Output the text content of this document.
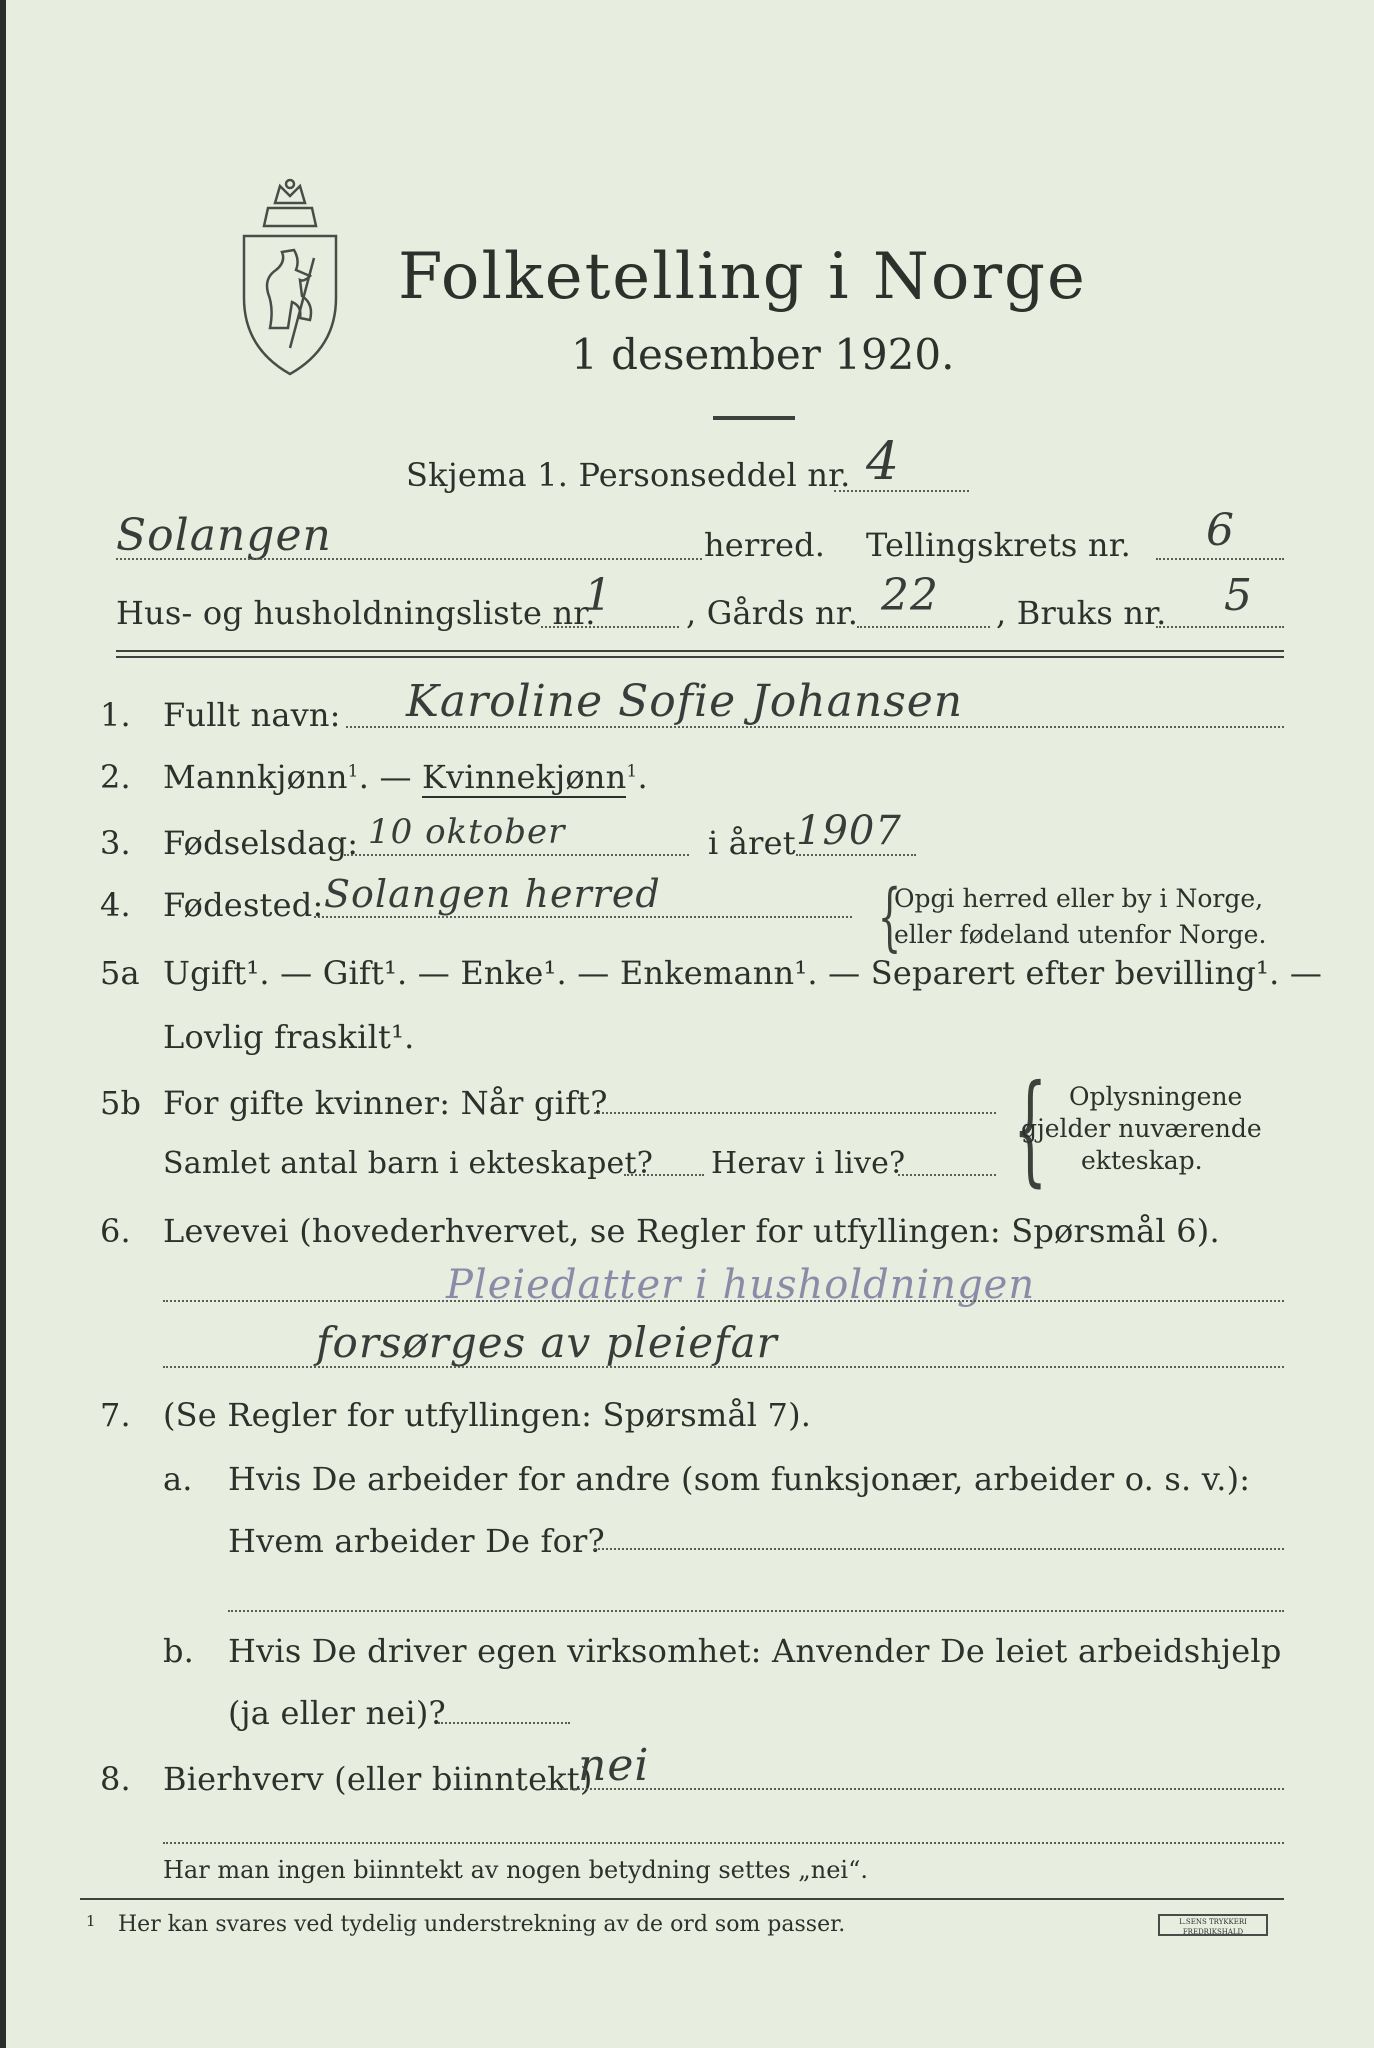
Folketelling i Norge
1 desember 1920.
Skjema 1. Personseddel nr. 4
Solangen	herred. Tellingskrets nr. 6
Hus- og husholdningsliste nr.
1 , Gårds nr. 22 , Bruks nr. 5
1. Fullt navn: Karoline Sofie Johansen
2. Mannkjønn$^1$. — Kvinnekjønn$^1$.
3. Fødselsdag: 10 oktober	i året 1907
4. Fødested: Solangen herred	{
Opgi herred eller by i Norge,
eller fødeland utenfor Norge.
5a Ugift¹. — Gift¹. — Enke¹. — Enkemann¹. — Separert efter bevilling¹. —
Lovlig fraskilt¹.
5b For gifte kvinner: Når gift?
Samlet antal barn i ekteskapet? Herav i live? { Oplysningene
gjelder nuværende
ekteskap.
6. Levevei (hovederhvervet, se Regler for utfyllingen: Spørsmål 6).
Pleiedatter i husholdningen
forsørges av pleiefar
7. (Se Regler for utfyllingen: Spørsmål 7).
a. Hvis De arbeider for andre (som funksjonær, arbeider o. s. v.):
Hvem arbeider De for?
b. Hvis De driver egen virksomhet: Anvender De leiet arbeidshjelp
(ja eller nei)?
8. Bierhverv (eller biinntekt)
nei
Har man ingen biinntekt av nogen betydning settes „nei“.
1 Her kan svares ved tydelig understrekning av de ord som passer.	L.SENS TRYKKERI FREDRIKSHALD
